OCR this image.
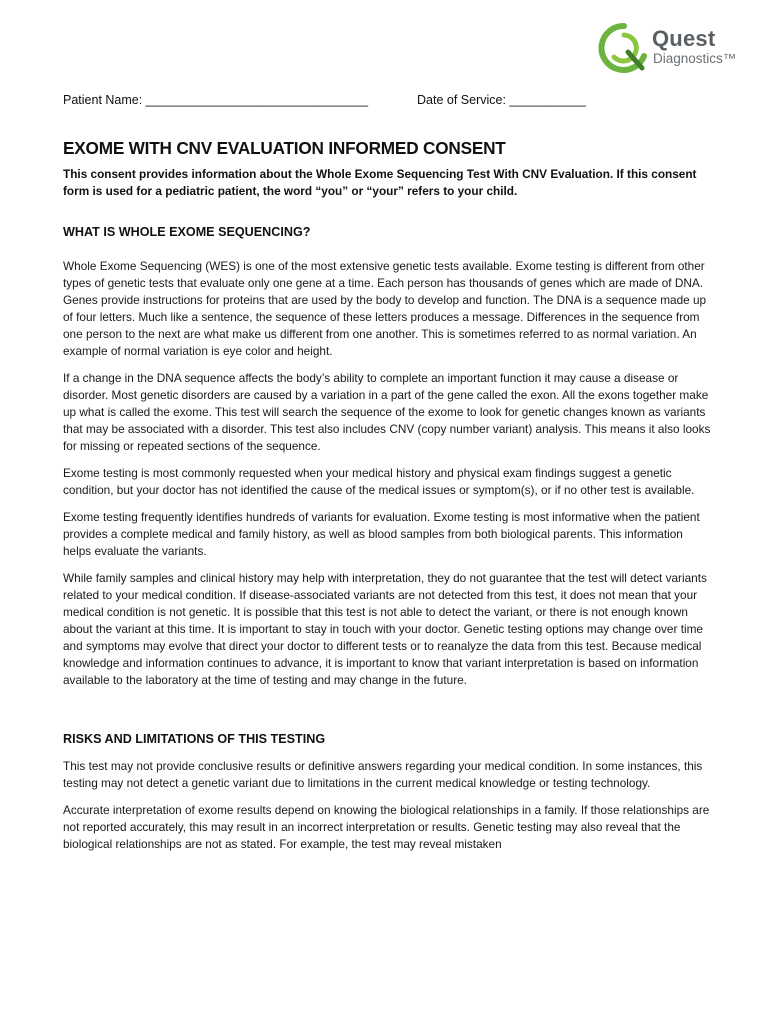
Quest
Diagnostics™
Patient Name: ________________________________	Date of Service: ___________
EXOME WITH CNV EVALUATION INFORMED CONSENT

This consent provides information about the Whole Exome Sequencing Test With CNV Evaluation. If this consent form is used for a pediatric patient, the word “you” or “your” refers to your child.

WHAT IS WHOLE EXOME SEQUENCING?

Whole Exome Sequencing (WES) is one of the most extensive genetic tests available. Exome testing is different from other types of genetic tests that evaluate only one gene at a time. Each person has thousands of genes which are made of DNA. Genes provide instructions for proteins that are used by the body to develop and function. The DNA is a sequence made up of four letters. Much like a sentence, the sequence of these letters produces a message. Differences in the sequence from one person to the next are what make us different from one another. This is sometimes referred to as normal variation. An example of normal variation is eye color and height.

If a change in the DNA sequence affects the body’s ability to complete an important function it may cause a disease or disorder. Most genetic disorders are caused by a variation in a part of the gene called the exon. All the exons together make up what is called the exome. This test will search the sequence of the exome to look for genetic changes known as variants that may be associated with a disorder. This test also includes CNV (copy number variant) analysis. This means it also looks for missing or repeated sections of the sequence.

Exome testing is most commonly requested when your medical history and physical exam findings suggest a genetic condition, but your doctor has not identified the cause of the medical issues or symptom(s), or if no other test is available.

Exome testing frequently identifies hundreds of variants for evaluation. Exome testing is most informative when the patient provides a complete medical and family history, as well as blood samples from both biological parents. This information helps evaluate the variants.

While family samples and clinical history may help with interpretation, they do not guarantee that the test will detect variants related to your medical condition. If disease-associated variants are not detected from this test, it does not mean that your medical condition is not genetic. It is possible that this test is not able to detect the variant, or there is not enough known about the variant at this time. It is important to stay in touch with your doctor. Genetic testing options may change over time and symptoms may evolve that direct your doctor to different tests or to reanalyze the data from this test. Because medical knowledge and information continues to advance, it is important to know that variant interpretation is based on information available to the laboratory at the time of testing and may change in the future.

RISKS AND LIMITATIONS OF THIS TESTING

This test may not provide conclusive results or definitive answers regarding your medical condition. In some instances, this testing may not detect a genetic variant due to limitations in the current medical knowledge or testing technology.

Accurate interpretation of exome results depend on knowing the biological relationships in a family. If those relationships are not reported accurately, this may result in an incorrect interpretation or results. Genetic testing may also reveal that the biological relationships are not as stated. For example, the test may reveal mistaken
